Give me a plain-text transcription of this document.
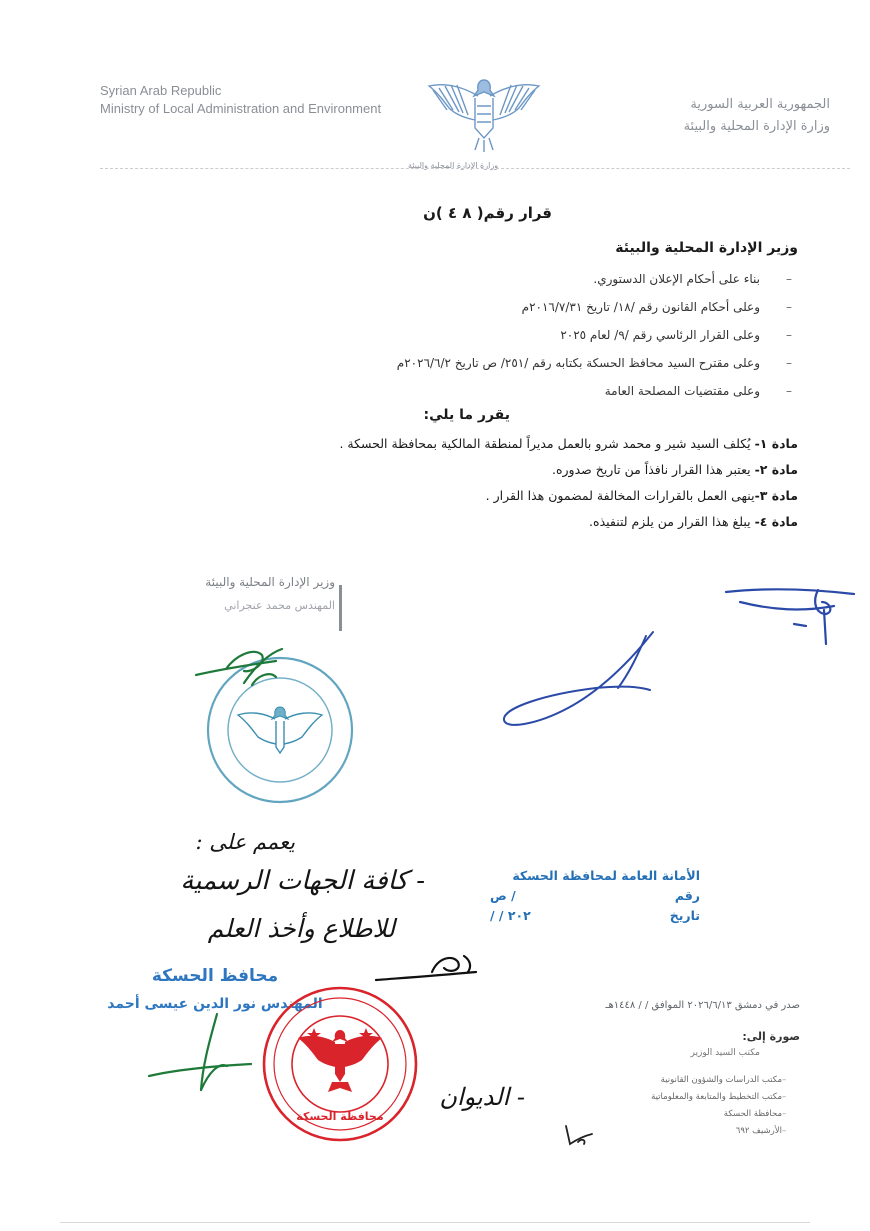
Syrian Arab Republic
Ministry of Local Administration and Environment
وزارة الإدارة المحلية والبيئة
الجمهورية العربية السورية
وزارة الإدارة المحلية والبيئة
قرار رقم( ٨ ٤ )ن
وزير الإدارة المحلية والبيئة
– بناء على أحكام الإعلان الدستوري.
– وعلى أحكام القانون رقم /١٨/ تاريخ ٢٠١٦/٧/٣١م
– وعلى القرار الرئاسي رقم /٩/ لعام ٢٠٢٥
– وعلى مقترح السيد محافظ الحسكة بكتابه رقم /٢٥١/ ص تاريخ ٢٠٢٦/٦/٢م
– وعلى مقتضيات المصلحة العامة
يقرر ما يلي:
مادة ١- يُكلف السيد شير و محمد شرو بالعمل مديراً لمنطقة المالكية بمحافظة الحسكة .
مادة ٢- يعتبر هذا القرار نافذاً من تاريخ صدوره.
مادة ٣-ينهى العمل بالقرارات المخالفة لمضمون هذا القرار .
مادة ٤- يبلغ هذا القرار من يلزم لتنفيذه.
وزير الإدارة المحلية والبيئة
المهندس محمد عنجراني
يعمم على :
- كافة الجهات الرسمية
للاطلاع وأخذ العلم
الأمانة العامة لمحافظة الحسكة
رقم
/ ص
تاريخ
٢٠٢ / /
محافظ الحسكة
المهندس نور الدين عيسى أحمد
محافظة الحسكة
- الديوان
صدر في دمشق ٢٠٢٦/٦/١٣ الموافق / / ١٤٤٨هـ
صورة إلى:
مكتب السيد الوزير
– مكتب الدراسات والشؤون القانونية
– مكتب التخطيط والمتابعة والمعلوماتية
– محافظة الحسكة
– الأرشيف ٦٩٢
